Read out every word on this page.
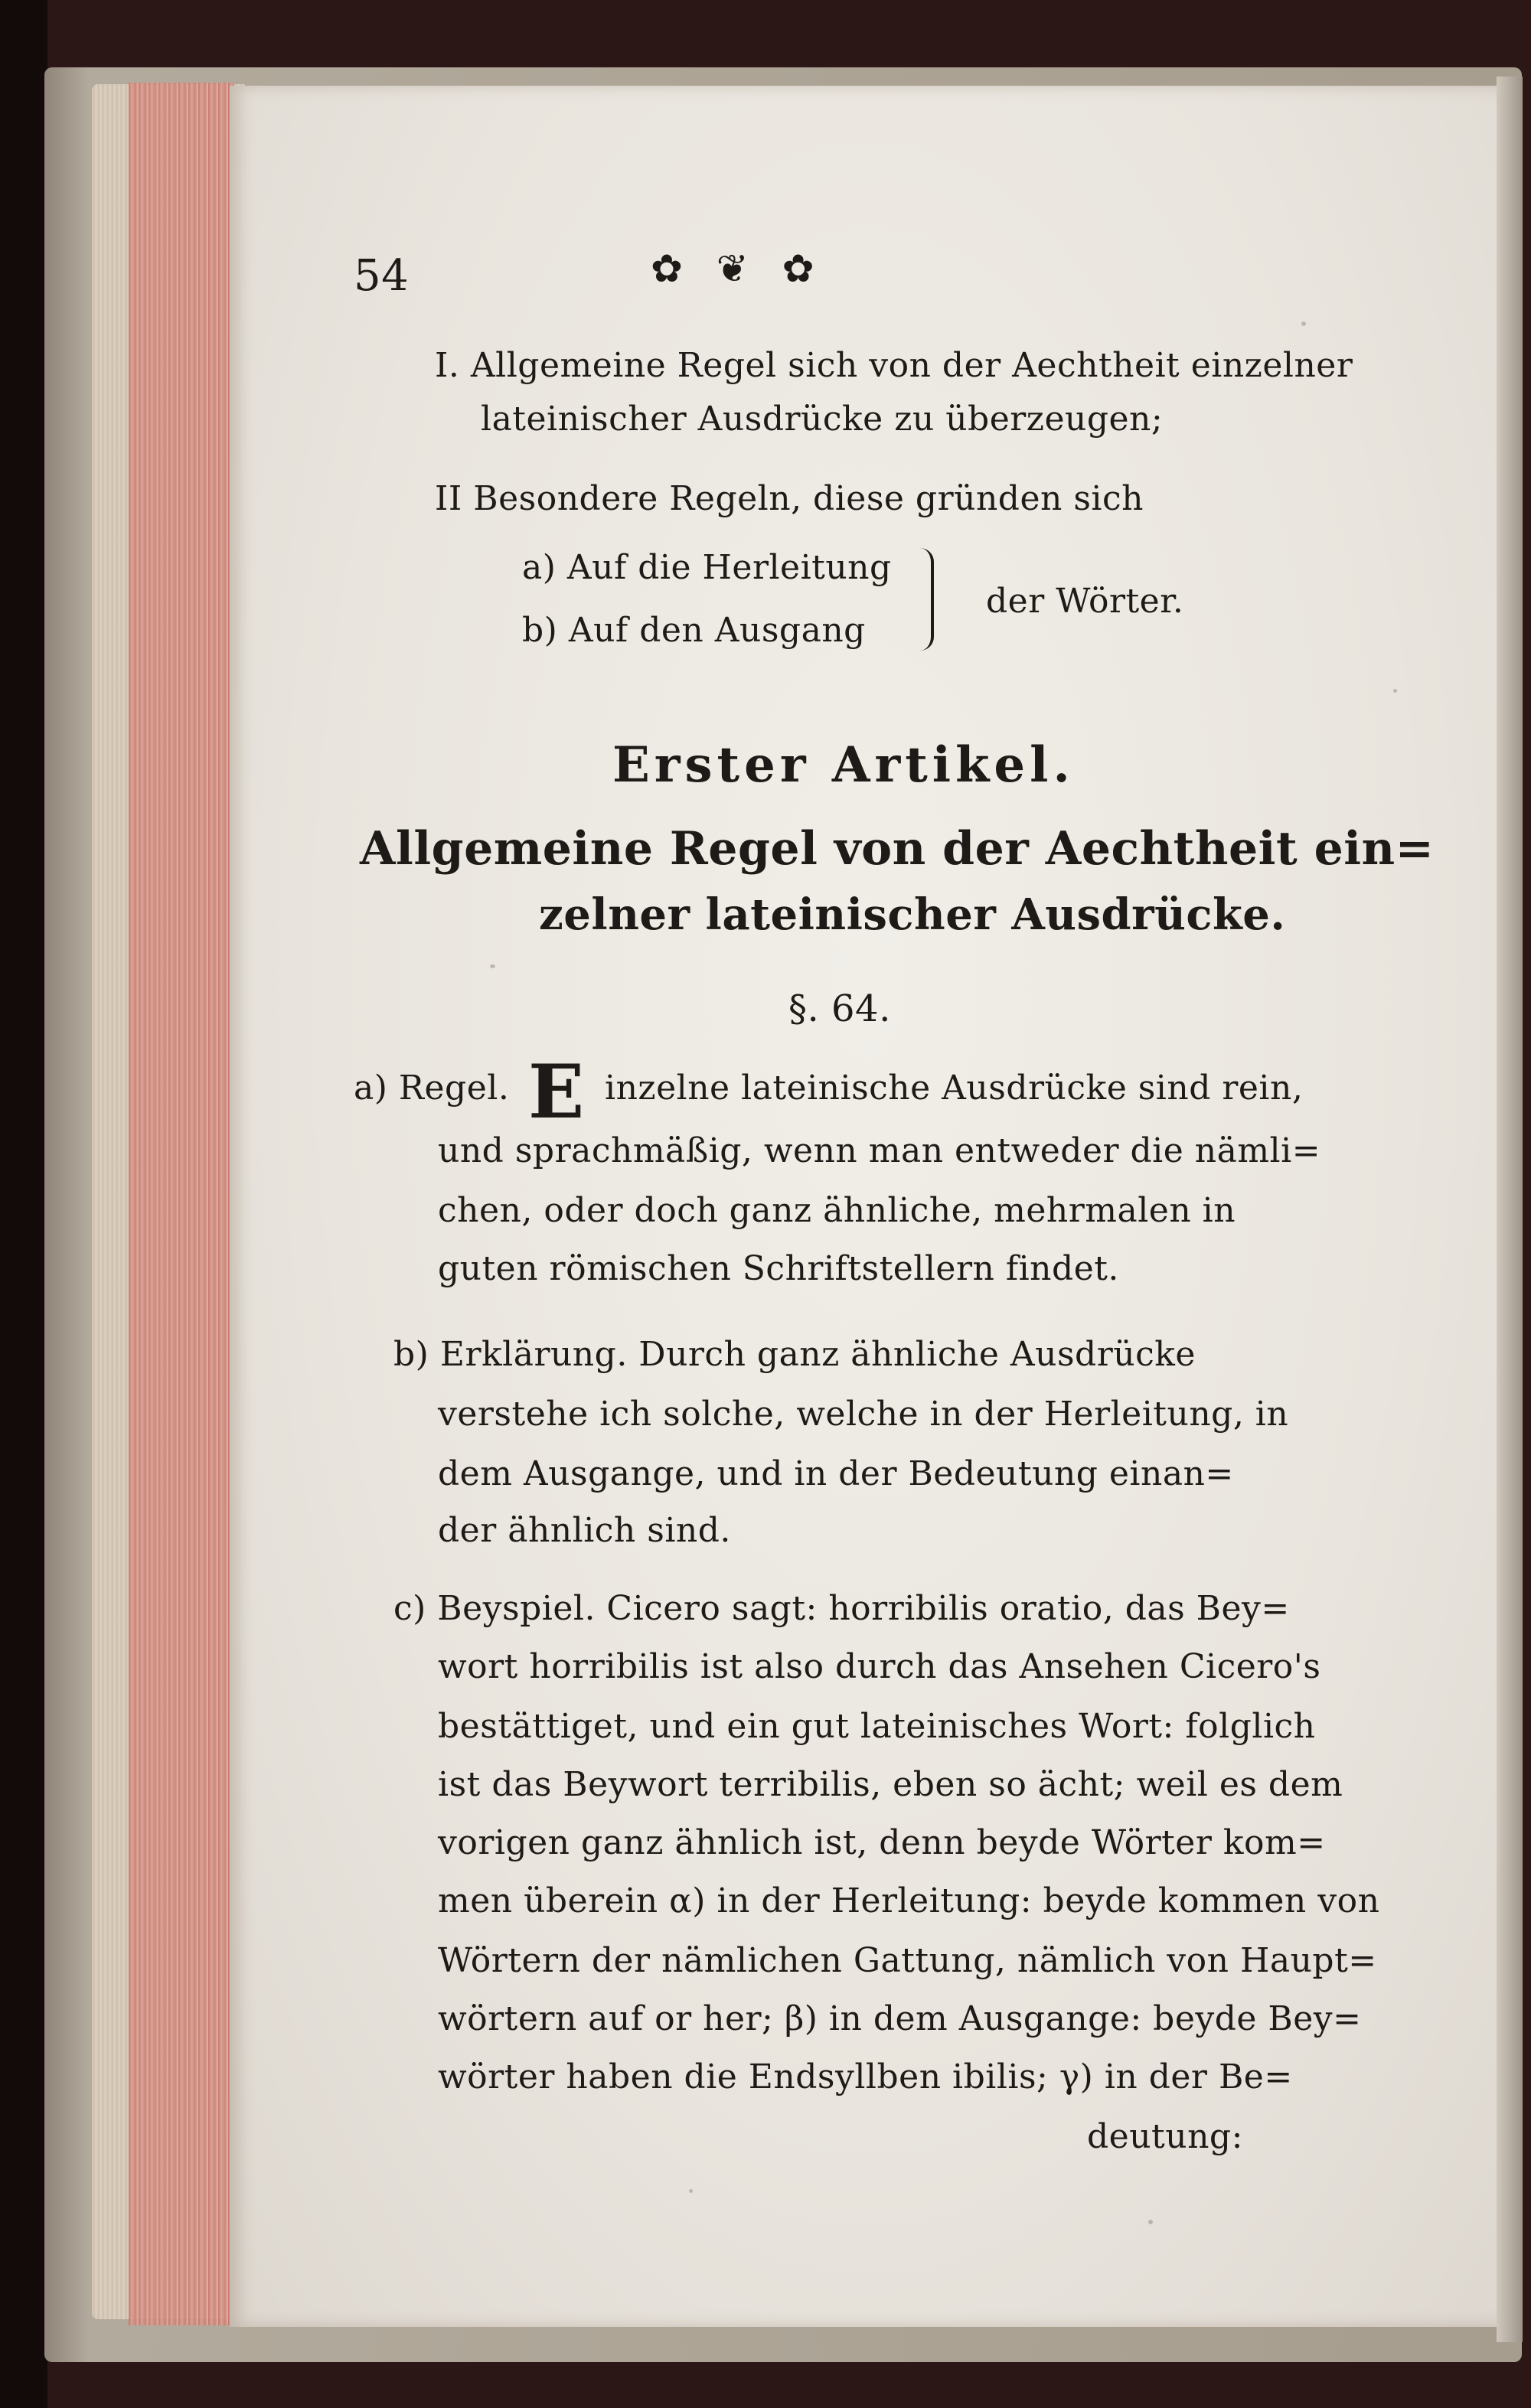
54	✿ ❦ ✿
I. Allgemeine Regel sich von der Aechtheit einzelner
lateinischer Ausdrücke zu überzeugen;
II Besondere Regeln, diese gründen sich
a) Auf die Herleitung
b) Auf den Ausgang
der Wörter.
Erster Artikel.
Allgemeine Regel von der Aechtheit ein=
zelner lateinischer Ausdrücke.
§. 64.
a) Regel. E inzelne lateinische Ausdrücke sind rein,
und sprachmäßig, wenn man entweder die nämli=
chen, oder doch ganz ähnliche, mehrmalen in
guten römischen Schriftstellern findet.
b) Erklärung. Durch ganz ähnliche Ausdrücke
verstehe ich solche, welche in der Herleitung, in
dem Ausgange, und in der Bedeutung einan=
der ähnlich sind.
c) Beyspiel. Cicero sagt: horribilis oratio, das Bey=
wort horribilis ist also durch das Ansehen Cicero's
bestättiget, und ein gut lateinisches Wort: folglich
ist das Beywort terribilis, eben so ächt; weil es dem
vorigen ganz ähnlich ist, denn beyde Wörter kom=
men überein α) in der Herleitung: beyde kommen von
Wörtern der nämlichen Gattung, nämlich von Haupt=
wörtern auf or her; β) in dem Ausgange: beyde Bey=
wörter haben die Endsyllben ibilis; γ) in der Be=
deutung:
